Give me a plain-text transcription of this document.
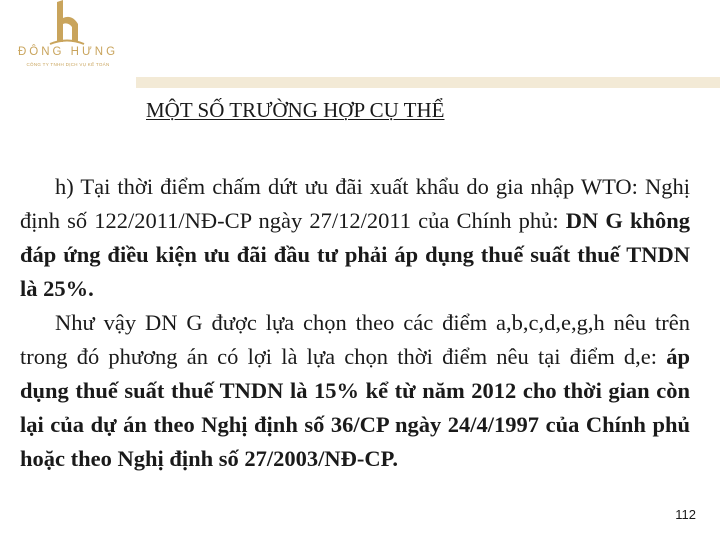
ĐÔNG HƯNG
CÔNG TY TNHH DỊCH VỤ KẾ TOÁN
MỘT SỐ TRƯỜNG HỢP CỤ THỂ

h) Tại thời điểm chấm dứt ưu đãi xuất khẩu do gia nhập WTO: Nghị định số 122/2011/NĐ-CP ngày 27/12/2011 của Chính phủ: DN G không đáp ứng điều kiện ưu đãi đầu tư phải áp dụng thuế suất thuế TNDN là 25%.

Như vậy DN G được lựa chọn theo các điểm a,b,c,d,e,g,h nêu trên trong đó phương án có lợi là lựa chọn thời điểm nêu tại điểm d,e: áp dụng thuế suất thuế TNDN là 15% kể từ năm 2012 cho thời gian còn lại của dự án theo Nghị định số 36/CP ngày 24/4/1997 của Chính phủ hoặc theo Nghị định số 27/2003/NĐ-CP.

112
